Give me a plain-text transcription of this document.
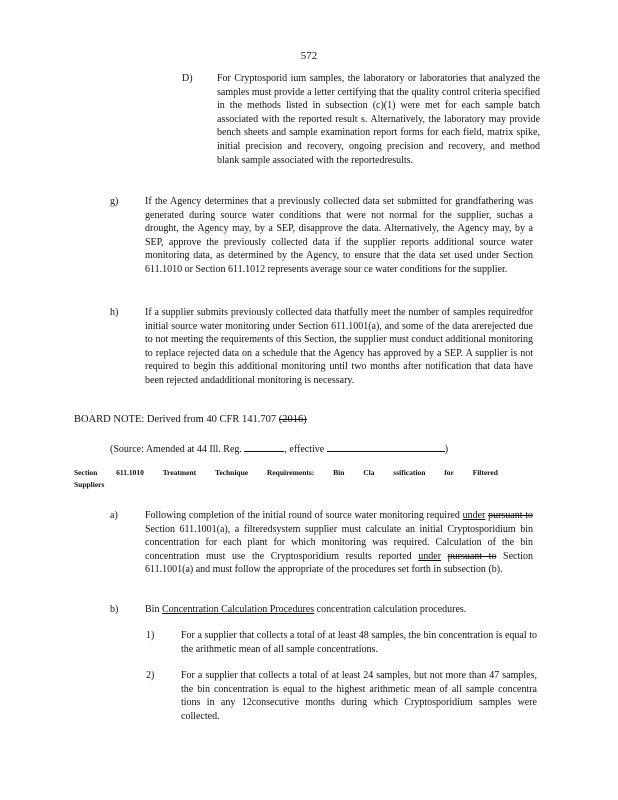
572
D) For Cryptosporid ium samples, the laboratory or laboratories that analyzed the samples must provide a letter certifying that the quality control criteria specified in the methods listed in subsection (c)(1) were met for each sample batch associated with the reported result s. Alternatively, the laboratory may provide bench sheets and sample examination report forms for each field, matrix spike, initial precision and recovery, ongoing precision and recovery, and method blank sample associated with the reportedresults.
g)	If the Agency determines that a previously collected data set submitted for grandfathering was generated during source water conditions that were not normal for the supplier, suchas a drought, the Agency may, by a SEP, disapprove the data. Alternatively, the Agency may, by a SEP, approve the previously collected data if the supplier reports additional source water monitoring data, as determined by the Agency, to ensure that the data set used under Section 611.1010 or Section 611.1012 represents average sour ce water conditions for the supplier.
h)	If a supplier submits previously collected data thatfully meet the number of samples requiredfor initial source water monitoring under Section 611.1001(a), and some of the data arerejected due to not meeting the requirements of this Section, the supplier must conduct additional monitoring to replace rejected data on a schedule that the Agency has approved by a SEP. A supplier is not required to begin this additional monitoring until two months after notification that data have been rejected andadditional monitoring is necessary.
BOARD NOTE: Derived from 40 CFR 141.707 (2016)
(Source: Amended at 44 Ill. Reg.	, effective	)
Section	611.1010	Treatment	Technique	Requirements:	Bin	Cla	ssification	for	Filtered
Suppliers
a)	Following completion of the initial round of source water monitoring required under pursuant to Section 611.1001(a), a filteredsystem supplier must calculate an initial Cryptosporidium bin concentration for each plant for which monitoring was required. Calculation of the bin concentration must use the Cryptosporidium results reported under pursuant to Section 611.1001(a) and must follow the appropriate of the procedures set forth in subsection (b).
b)	Bin Concentration Calculation Procedures concentration calculation procedures.
1)	For a supplier that collects a total of at least 48 samples, the bin concentration is equal to the arithmetic mean of all sample concentrations.
2)	For a supplier that collects a total of at least 24 samples, but not more than 47 samples, the bin concentration is equal to the highest arithmetic mean of all sample concentra tions in any 12consecutive months during which Cryptosporidium samples were collected.
